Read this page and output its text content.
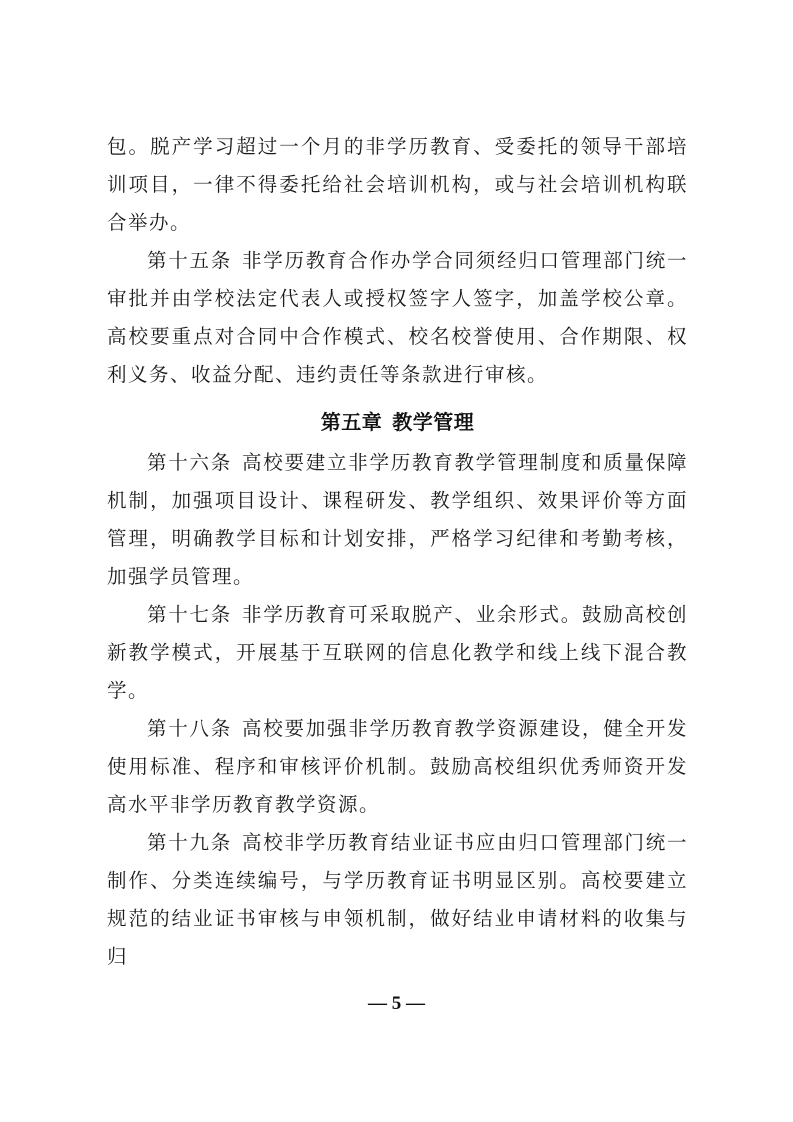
包。脱产学习超过一个月的非学历教育、受委托的领导干部培训项目，一律不得委托给社会培训机构，或与社会培训机构联合举办。

第十五条 非学历教育合作办学合同须经归口管理部门统一审批并由学校法定代表人或授权签字人签字，加盖学校公章。高校要重点对合同中合作模式、校名校誉使用、合作期限、权利义务、收益分配、违约责任等条款进行审核。

第五章 教学管理

第十六条 高校要建立非学历教育教学管理制度和质量保障机制，加强项目设计、课程研发、教学组织、效果评价等方面管理，明确教学目标和计划安排，严格学习纪律和考勤考核，加强学员管理。

第十七条 非学历教育可采取脱产、业余形式。鼓励高校创新教学模式，开展基于互联网的信息化教学和线上线下混合教学。

第十八条 高校要加强非学历教育教学资源建设，健全开发使用标准、程序和审核评价机制。鼓励高校组织优秀师资开发高水平非学历教育教学资源。

第十九条 高校非学历教育结业证书应由归口管理部门统一制作、分类连续编号，与学历教育证书明显区别。高校要建立规范的结业证书审核与申领机制，做好结业申请材料的收集与归

— 5 —
